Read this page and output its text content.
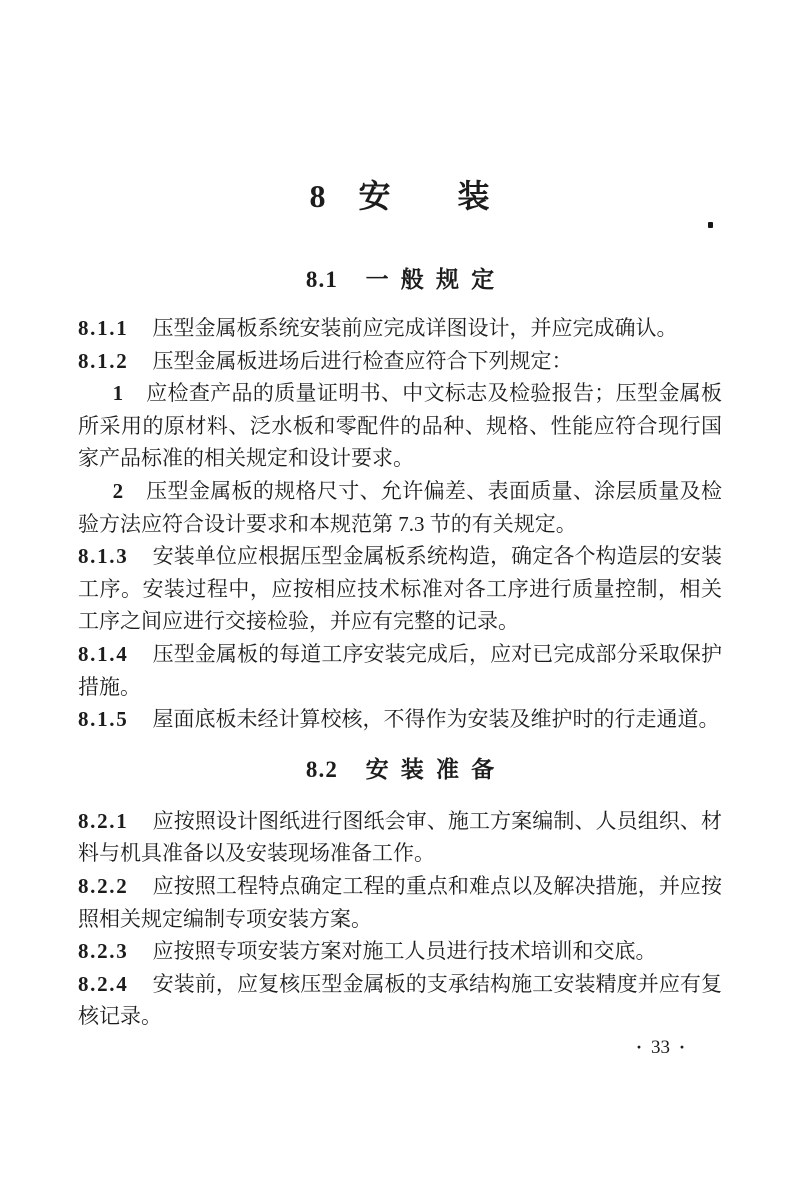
8 安　　装
8.1 一 般 规 定

8.1.1 压型金属板系统安装前应完成详图设计，并应完成确认。

8.1.2 压型金属板进场后进行检查应符合下列规定：

1 应检查产品的质量证明书、中文标志及检验报告；压型金属板所采用的原材料、泛水板和零配件的品种、规格、性能应符合现行国家产品标准的相关规定和设计要求。

2 压型金属板的规格尺寸、允许偏差、表面质量、涂层质量及检验方法应符合设计要求和本规范第 7.3 节的有关规定。

8.1.3 安装单位应根据压型金属板系统构造，确定各个构造层的安装工序。安装过程中，应按相应技术标准对各工序进行质量控制，相关工序之间应进行交接检验，并应有完整的记录。

8.1.4 压型金属板的每道工序安装完成后，应对已完成部分采取保护措施。

8.1.5 屋面底板未经计算校核，不得作为安装及维护时的行走通道。

8.2 安 装 准 备

8.2.1 应按照设计图纸进行图纸会审、施工方案编制、人员组织、材料与机具准备以及安装现场准备工作。

8.2.2 应按照工程特点确定工程的重点和难点以及解决措施，并应按照相关规定编制专项安装方案。

8.2.3 应按照专项安装方案对施工人员进行技术培训和交底。

8.2.4 安装前，应复核压型金属板的支承结构施工安装精度并应有复核记录。

· 33 ·
